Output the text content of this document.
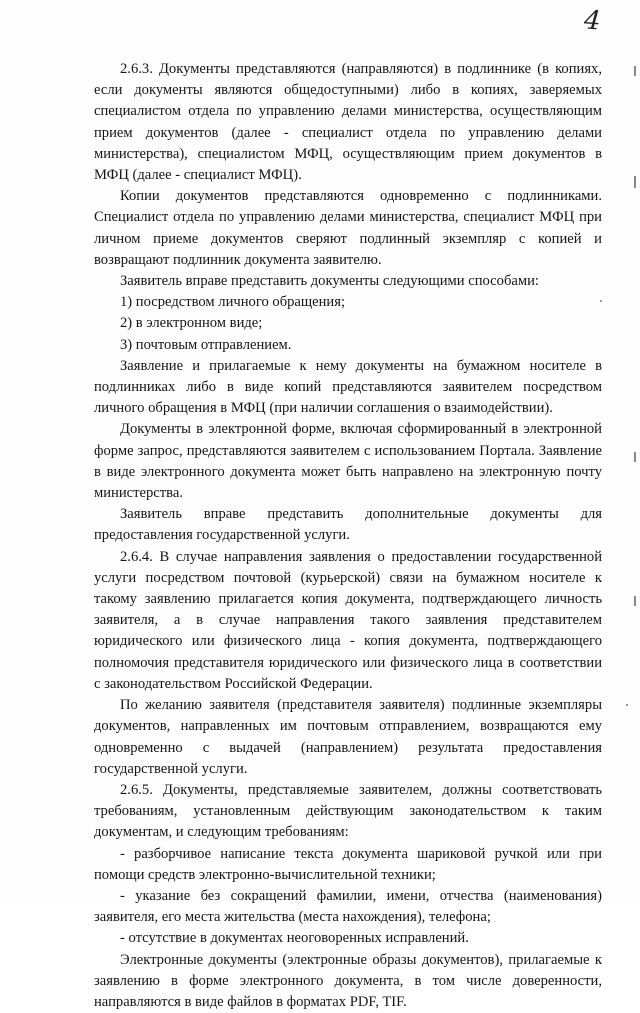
4

2.6.3. Документы представляются (направляются) в подлиннике (в копиях, если документы являются общедоступными) либо в копиях, заверяемых специалистом отдела по управлению делами министерства, осуществляющим прием документов (далее - специалист отдела по управлению делами министерства), специалистом МФЦ, осуществляющим прием документов в МФЦ (далее - специалист МФЦ).

Копии документов представляются одновременно с подлинниками. Специалист отдела по управлению делами министерства, специалист МФЦ при личном приеме документов сверяют подлинный экземпляр с копией и возвращают подлинник документа заявителю.

Заявитель вправе представить документы следующими способами:

1) посредством личного обращения;

2) в электронном виде;

3) почтовым отправлением.

Заявление и прилагаемые к нему документы на бумажном носителе в подлинниках либо в виде копий представляются заявителем посредством личного обращения в МФЦ (при наличии соглашения о взаимодействии).

Документы в электронной форме, включая сформированный в электронной форме запрос, представляются заявителем с использованием Портала. Заявление в виде электронного документа может быть направлено на электронную почту министерства.

Заявитель вправе представить дополнительные документы для предоставления государственной услуги.

2.6.4. В случае направления заявления о предоставлении государственной услуги посредством почтовой (курьерской) связи на бумажном носителе к такому заявлению прилагается копия документа, подтверждающего личность заявителя, а в случае направления такого заявления представителем юридического или физического лица - копия документа, подтверждающего полномочия представителя юридического или физического лица в соответствии с законодательством Российской Федерации.

По желанию заявителя (представителя заявителя) подлинные экземпляры документов, направленных им почтовым отправлением, возвращаются ему одновременно с выдачей (направлением) результата предоставления государственной услуги.

2.6.5. Документы, представляемые заявителем, должны соответствовать требованиям, установленным действующим законодательством к таким документам, и следующим требованиям:

- разборчивое написание текста документа шариковой ручкой или при помощи средств электронно-вычислительной техники;

- указание без сокращений фамилии, имени, отчества (наименования) заявителя, его места жительства (места нахождения), телефона;

- отсутствие в документах неоговоренных исправлений.

Электронные документы (электронные образы документов), прилагаемые к заявлению в форме электронного документа, в том числе доверенности, направляются в виде файлов в форматах PDF, TIF.
